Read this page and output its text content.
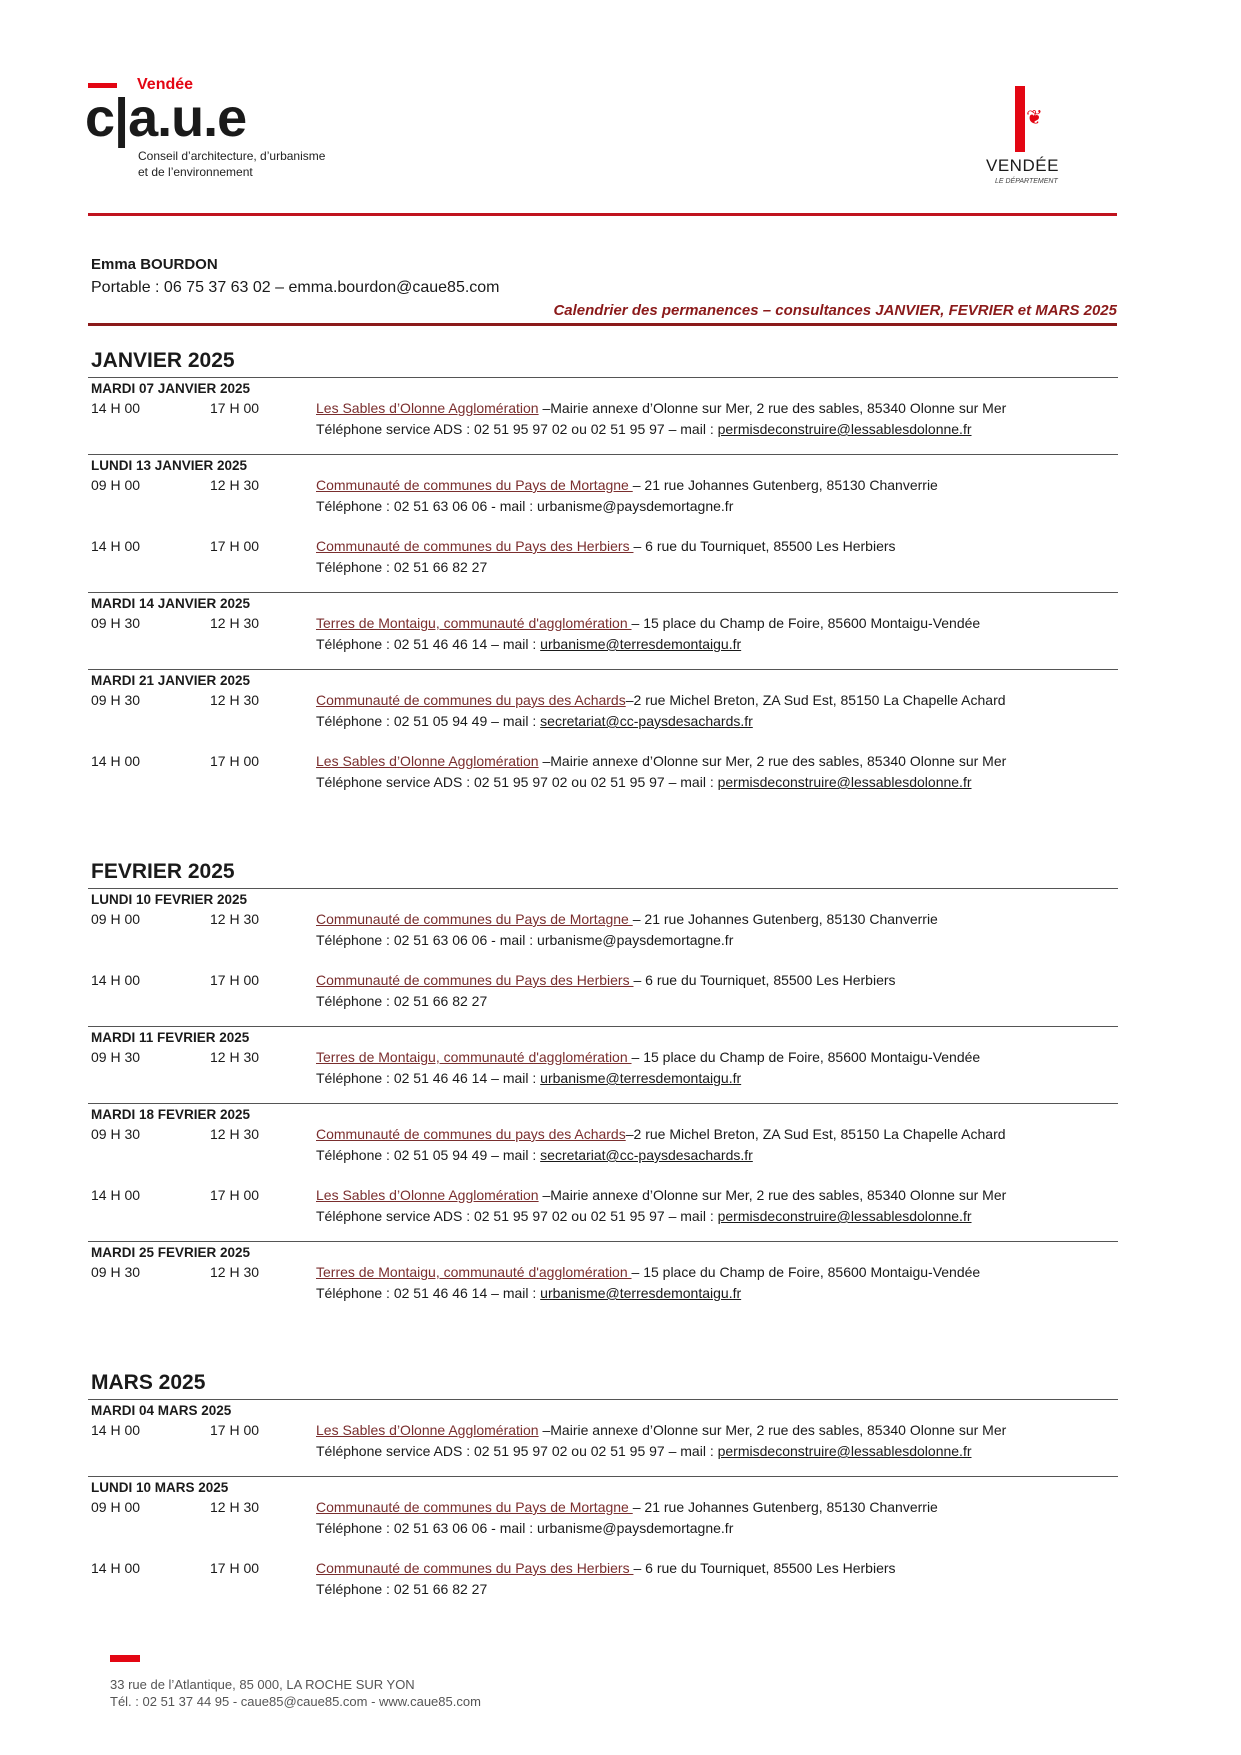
Vendée
c|a.u.e
Conseil d’architecture, d’urbanisme
et de l’environnement
❦
VENDÉE
LE DÉPARTEMENT
Emma BOURDON
Portable : 06 75 37 63 02 – emma.bourdon@caue85.com
Calendrier des permanences – consultances JANVIER, FEVRIER et MARS 2025
JANVIER 2025
MARDI 07 JANVIER 2025
14 H 00	17 H 00	Les Sables d’Olonne Agglomération –Mairie annexe d’Olonne sur Mer, 2 rue des sables, 85340 Olonne sur Mer
Téléphone service ADS : 02 51 95 97 02 ou 02 51 95 97 – mail : permisdeconstruire@lessablesdolonne.fr
LUNDI 13 JANVIER 2025
09 H 00	12 H 30	Communauté de communes du Pays de Mortagne – 21 rue Johannes Gutenberg, 85130 Chanverrie
Téléphone : 02 51 63 06 06 - mail : urbanisme@paysdemortagne.fr
14 H 00	17 H 00	Communauté de communes du Pays des Herbiers – 6 rue du Tourniquet, 85500 Les Herbiers
Téléphone : 02 51 66 82 27
MARDI 14 JANVIER 2025
09 H 30	12 H 30	Terres de Montaigu, communauté d'agglomération – 15 place du Champ de Foire, 85600 Montaigu-Vendée
Téléphone : 02 51 46 46 14 – mail : urbanisme@terresdemontaigu.fr
MARDI 21 JANVIER 2025
09 H 30	12 H 30	Communauté de communes du pays des Achards–2 rue Michel Breton, ZA Sud Est, 85150 La Chapelle Achard
Téléphone : 02 51 05 94 49 – mail : secretariat@cc-paysdesachards.fr
14 H 00	17 H 00	Les Sables d’Olonne Agglomération –Mairie annexe d’Olonne sur Mer, 2 rue des sables, 85340 Olonne sur Mer
Téléphone service ADS : 02 51 95 97 02 ou 02 51 95 97 – mail : permisdeconstruire@lessablesdolonne.fr
FEVRIER 2025
LUNDI 10 FEVRIER 2025
09 H 00	12 H 30	Communauté de communes du Pays de Mortagne – 21 rue Johannes Gutenberg, 85130 Chanverrie
Téléphone : 02 51 63 06 06 - mail : urbanisme@paysdemortagne.fr
14 H 00	17 H 00	Communauté de communes du Pays des Herbiers – 6 rue du Tourniquet, 85500 Les Herbiers
Téléphone : 02 51 66 82 27
MARDI 11 FEVRIER 2025
09 H 30	12 H 30	Terres de Montaigu, communauté d'agglomération – 15 place du Champ de Foire, 85600 Montaigu-Vendée
Téléphone : 02 51 46 46 14 – mail : urbanisme@terresdemontaigu.fr
MARDI 18 FEVRIER 2025
09 H 30	12 H 30	Communauté de communes du pays des Achards–2 rue Michel Breton, ZA Sud Est, 85150 La Chapelle Achard
Téléphone : 02 51 05 94 49 – mail : secretariat@cc-paysdesachards.fr
14 H 00	17 H 00	Les Sables d’Olonne Agglomération –Mairie annexe d’Olonne sur Mer, 2 rue des sables, 85340 Olonne sur Mer
Téléphone service ADS : 02 51 95 97 02 ou 02 51 95 97 – mail : permisdeconstruire@lessablesdolonne.fr
MARDI 25 FEVRIER 2025
09 H 30	12 H 30	Terres de Montaigu, communauté d'agglomération – 15 place du Champ de Foire, 85600 Montaigu-Vendée
Téléphone : 02 51 46 46 14 – mail : urbanisme@terresdemontaigu.fr
MARS 2025
MARDI 04 MARS 2025
14 H 00	17 H 00	Les Sables d’Olonne Agglomération –Mairie annexe d’Olonne sur Mer, 2 rue des sables, 85340 Olonne sur Mer
Téléphone service ADS : 02 51 95 97 02 ou 02 51 95 97 – mail : permisdeconstruire@lessablesdolonne.fr
LUNDI 10 MARS 2025
09 H 00	12 H 30	Communauté de communes du Pays de Mortagne – 21 rue Johannes Gutenberg, 85130 Chanverrie
Téléphone : 02 51 63 06 06 - mail : urbanisme@paysdemortagne.fr
14 H 00	17 H 00	Communauté de communes du Pays des Herbiers – 6 rue du Tourniquet, 85500 Les Herbiers
Téléphone : 02 51 66 82 27
33 rue de l’Atlantique, 85 000, LA ROCHE SUR YON
Tél. : 02 51 37 44 95 - caue85@caue85.com - www.caue85.com
